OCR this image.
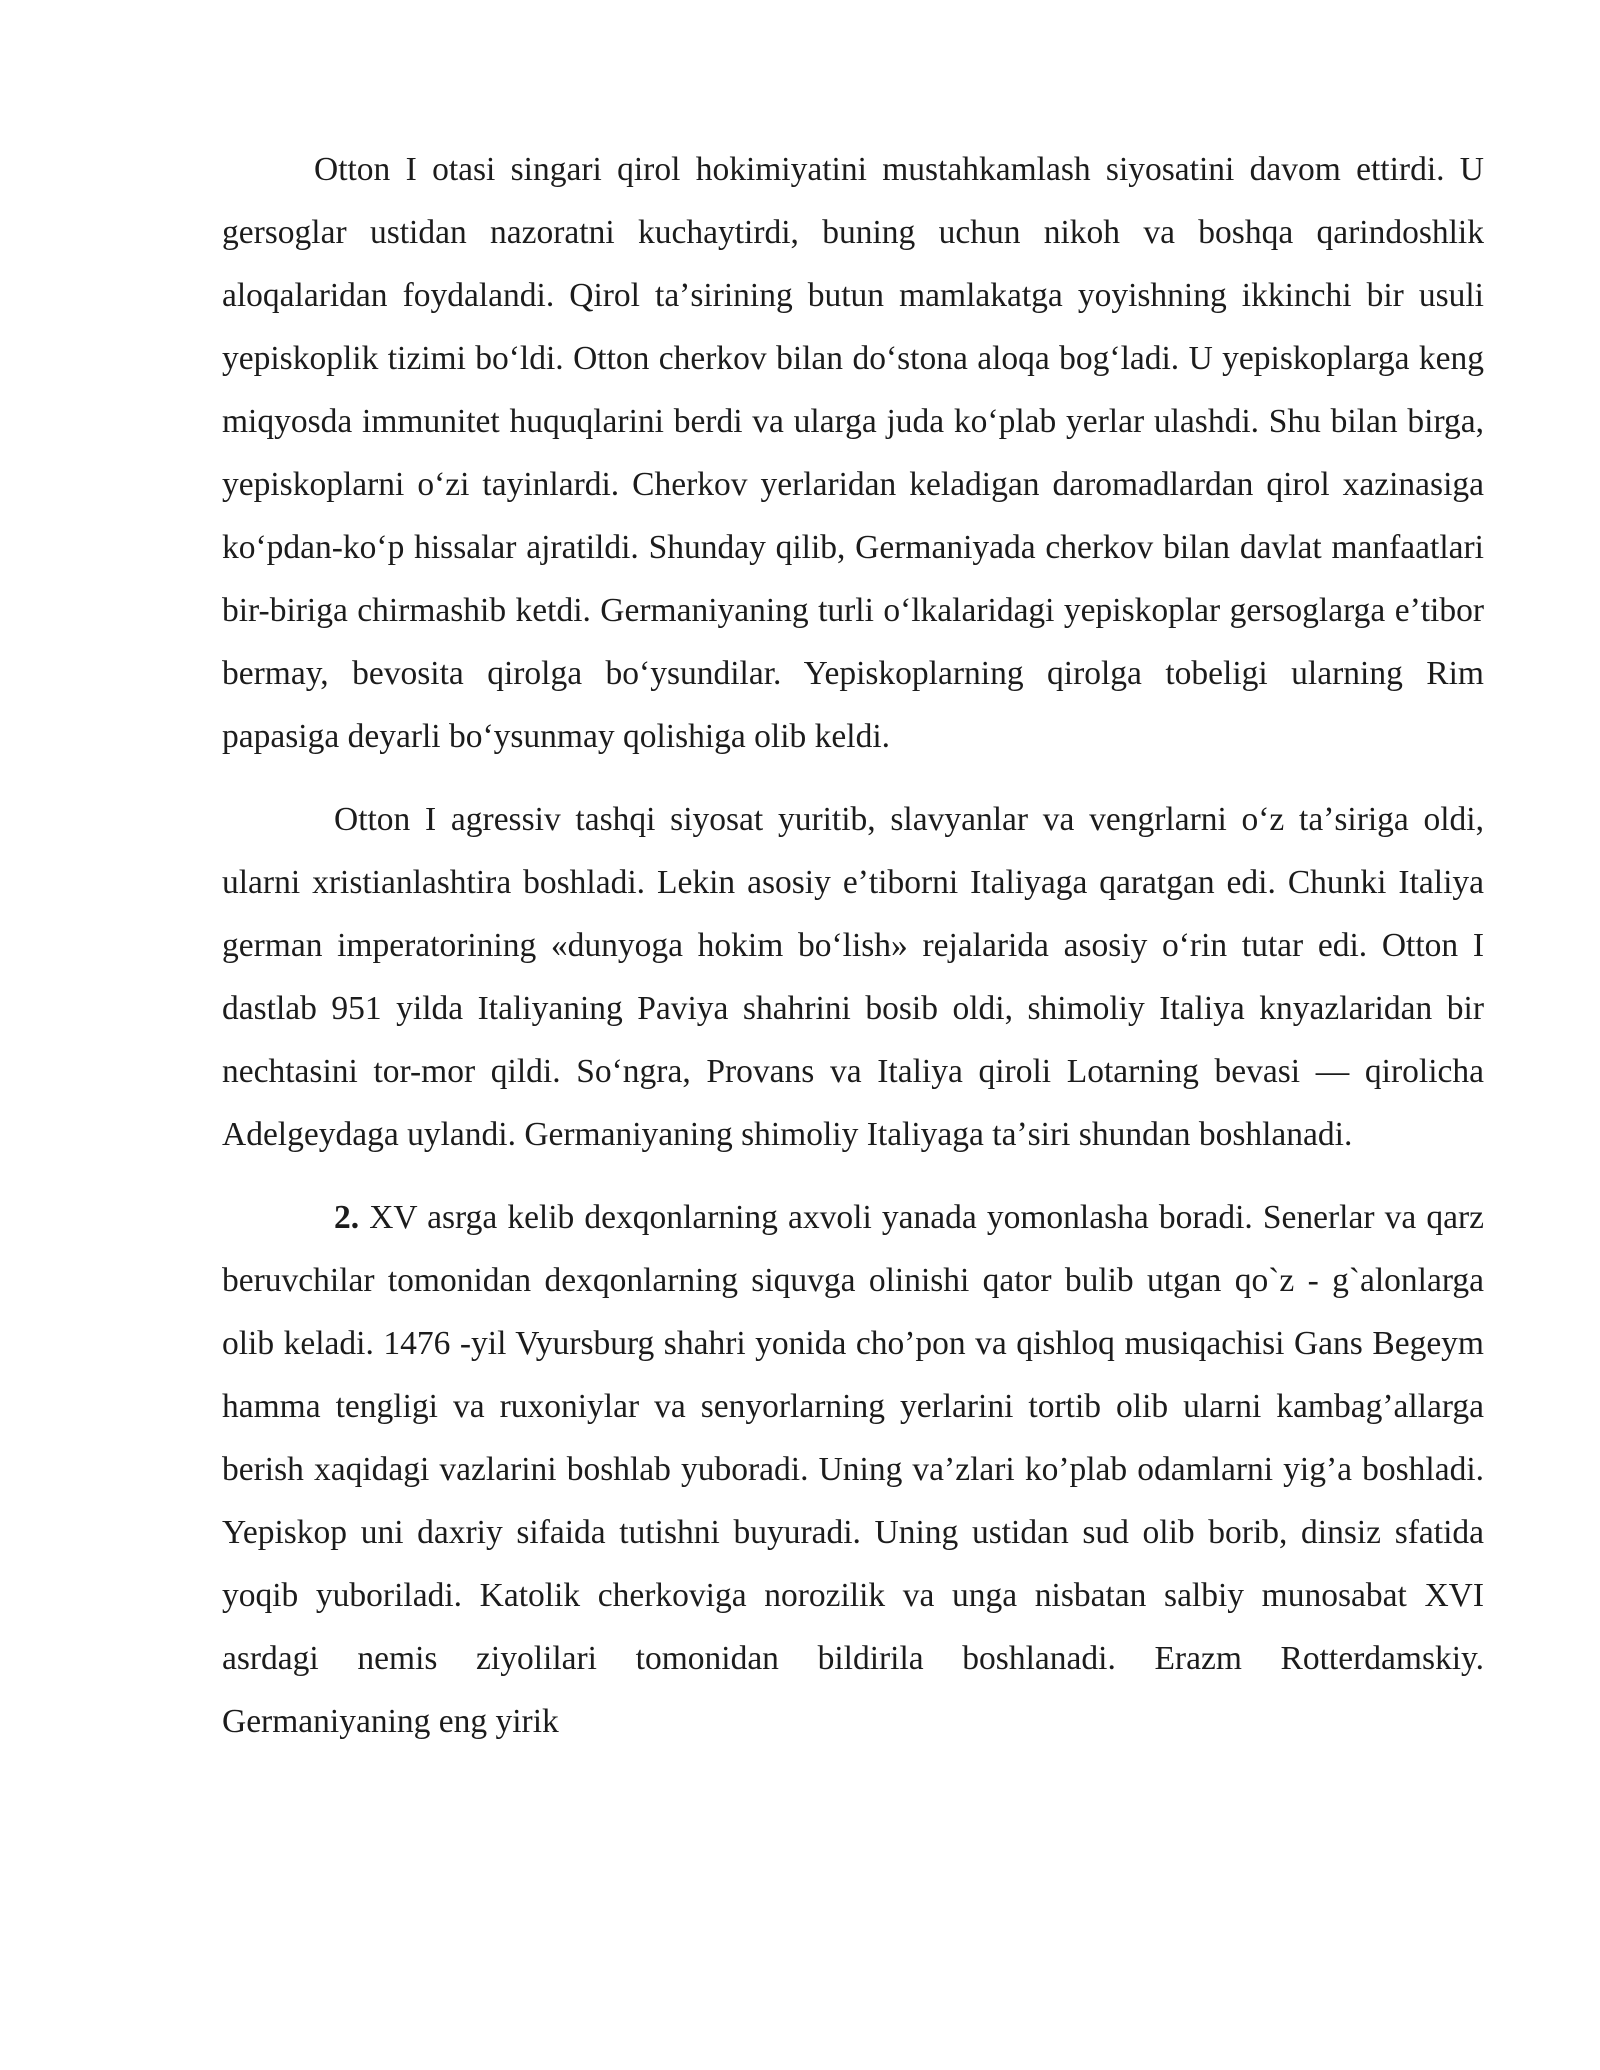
Otton I otasi singari qirol hokimiyatini mustahkamlash siyosatini davom ettirdi. U gersoglar ustidan nazoratni kuchaytirdi, buning uchun nikoh va boshqa qarindoshlik aloqalaridan foydalandi. Qirol taʼsirining butun mamlakatga yoyishning ikkinchi bir usuli yepiskoplik tizimi boʻldi. Otton cherkov bilan doʻstona aloqa bogʻladi. U yepiskoplarga keng miqyosda immunitet huquqlarini berdi va ularga juda koʻplab yerlar ulashdi. Shu bilan birga, yepiskoplarni oʻzi tayinlardi. Cherkov yerlaridan keladigan daromadlardan qirol xazinasiga koʻpdan-koʻp hissalar ajratildi. Shunday qilib, Germaniyada cherkov bilan davlat manfaatlari bir-biriga chirmashib ketdi. Germaniyaning turli oʻlkalaridagi yepiskoplar gersoglarga eʼtibor bermay, bevosita qirolga boʻysundilar. Yepiskoplarning qirolga tobeligi ularning Rim papasiga deyarli boʻysunmay qolishiga olib keldi.

Otton I agressiv tashqi siyosat yuritib, slavyanlar va vengrlarni oʻz taʼsiriga oldi, ularni xristianlashtira boshladi. Lekin asosiy eʼtiborni Italiyaga qaratgan edi. Chunki Italiya german imperatorining «dunyoga hokim boʻlish» rejalarida asosiy oʻrin tutar edi. Otton I dastlab 951 yilda Italiyaning Paviya shahrini bosib oldi, shimoliy Italiya knyazlaridan bir nechtasini tor-mor qildi. Soʻngra, Provans va Italiya qiroli Lotarning bevasi — qirolicha Adelgeydaga uylandi. Germaniyaning shimoliy Italiyaga taʼsiri shundan boshlanadi.

2. XV asrga kelib dexqonlarning axvoli yanada yomonlasha boradi. Senerlar va qarz beruvchilar tomonidan dexqonlarning siquvga olinishi qator bulib utgan qo`z - g`alonlarga olib keladi. 1476 -yil Vyursburg shahri yonida cho’pon va qishloq musiqachisi Gans Begeym hamma tengligi va ruxoniylar va senyorlarning yerlarini tortib olib ularni kambag’allarga berish xaqidagi vazlarini boshlab yuboradi. Uning va’zlari ko’plab odamlarni yig’a boshladi. Yepiskop uni daxriy sifaida tutishni buyuradi. Uning ustidan sud olib borib, dinsiz sfatida yoqib yuboriladi. Katolik cherkoviga norozilik va unga nisbatan salbiy munosabat XVI asrdagi nemis ziyolilari tomonidan bildirila boshlanadi. Erazm Rotterdamskiy. Germaniyaning eng yirik
